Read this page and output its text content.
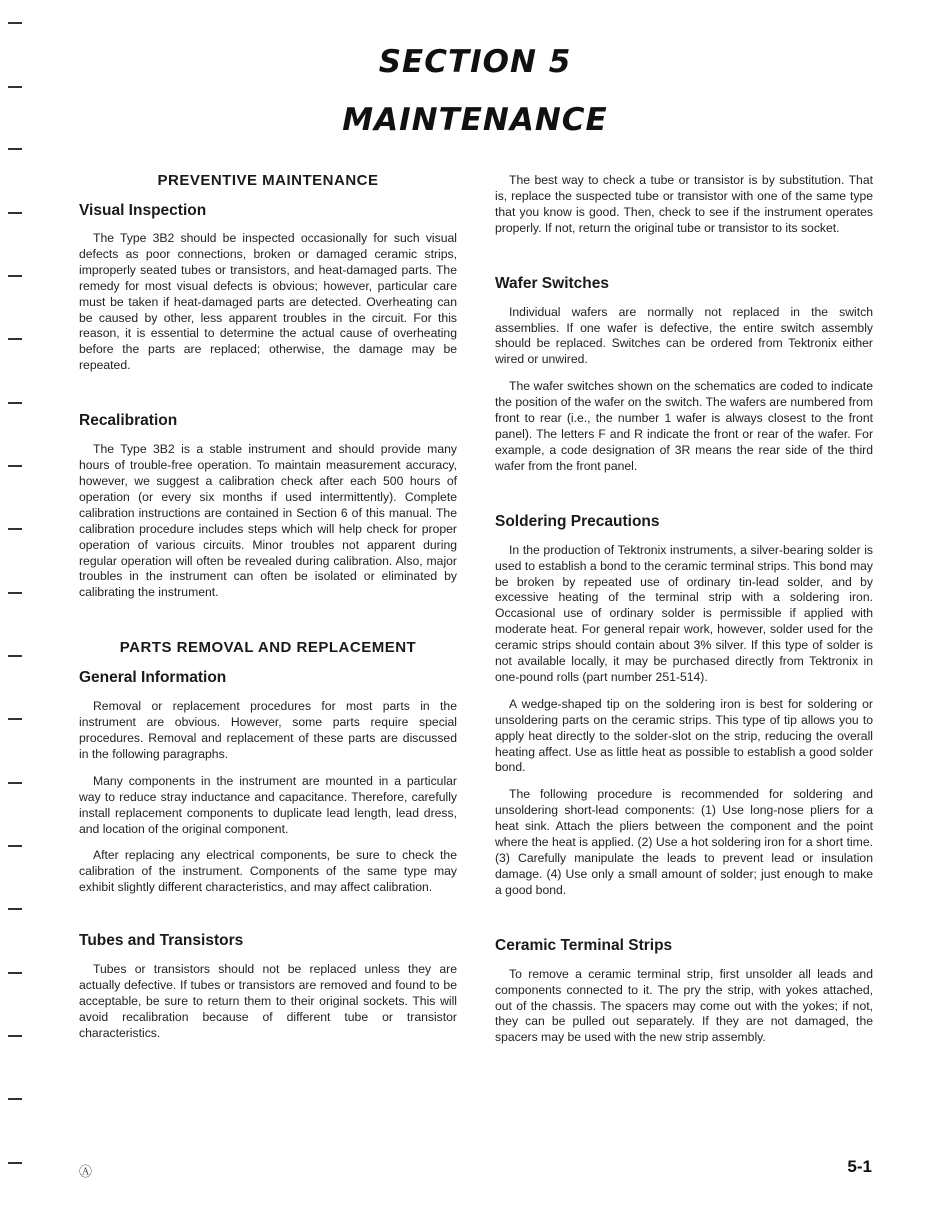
SECTION 5
MAINTENANCE
PREVENTIVE MAINTENANCE
Visual Inspection

The Type 3B2 should be inspected occasionally for such visual defects as poor connections, broken or damaged ceramic strips, improperly seated tubes or transistors, and heat-damaged parts. The remedy for most visual defects is obvious; however, particular care must be taken if heat-damaged parts are detected. Overheating can be caused by other, less apparent troubles in the circuit. For this reason, it is essential to determine the actual cause of overheating before the parts are replaced; otherwise, the damage may be repeated.

Recalibration

The Type 3B2 is a stable instrument and should provide many hours of trouble-free operation. To maintain measurement accuracy, however, we suggest a calibration check after each 500 hours of operation (or every six months if used intermittently). Complete calibration instructions are contained in Section 6 of this manual. The calibration procedure includes steps which will help check for proper operation of various circuits. Minor troubles not apparent during regular operation will often be revealed during calibration. Also, major troubles in the instrument can often be isolated or eliminated by calibrating the instrument.

PARTS REMOVAL AND REPLACEMENT
General Information

Removal or replacement procedures for most parts in the instrument are obvious. However, some parts require special procedures. Removal and replacement of these parts are discussed in the following paragraphs.

Many components in the instrument are mounted in a particular way to reduce stray inductance and capacitance. Therefore, carefully install replacement components to duplicate lead length, lead dress, and location of the original component.

After replacing any electrical components, be sure to check the calibration of the instrument. Components of the same type may exhibit slightly different characteristics, and may affect calibration.

Tubes and Transistors

Tubes or transistors should not be replaced unless they are actually defective. If tubes or transistors are removed and found to be acceptable, be sure to return them to their original sockets. This will avoid recalibration because of different tube or transistor characteristics.

The best way to check a tube or transistor is by substitution. That is, replace the suspected tube or transistor with one of the same type that you know is good. Then, check to see if the instrument operates properly. If not, return the original tube or transistor to its socket.

Wafer Switches

Individual wafers are normally not replaced in the switch assemblies. If one wafer is defective, the entire switch assembly should be replaced. Switches can be ordered from Tektronix either wired or unwired.

The wafer switches shown on the schematics are coded to indicate the position of the wafer on the switch. The wafers are numbered from front to rear (i.e., the number 1 wafer is always closest to the front panel). The letters F and R indicate the front or rear of the wafer. For example, a code designation of 3R means the rear side of the third wafer from the front panel.

Soldering Precautions

In the production of Tektronix instruments, a silver-bearing solder is used to establish a bond to the ceramic terminal strips. This bond may be broken by repeated use of ordinary tin-lead solder, and by excessive heating of the terminal strip with a soldering iron. Occasional use of ordinary solder is permissible if applied with moderate heat. For general repair work, however, solder used for the ceramic strips should contain about 3% silver. If this type of solder is not available locally, it may be purchased directly from Tektronix in one-pound rolls (part number 251-514).

A wedge-shaped tip on the soldering iron is best for soldering or unsoldering parts on the ceramic strips. This type of tip allows you to apply heat directly to the solder-slot on the strip, reducing the overall heating affect. Use as little heat as possible to establish a good solder bond.

The following procedure is recommended for soldering and unsoldering short-lead components: (1) Use long-nose pliers for a heat sink. Attach the pliers between the component and the point where the heat is applied. (2) Use a hot soldering iron for a short time. (3) Carefully manipulate the leads to prevent lead or insulation damage. (4) Use only a small amount of solder; just enough to make a good bond.

Ceramic Terminal Strips

To remove a ceramic terminal strip, first unsolder all leads and components connected to it. The pry the strip, with yokes attached, out of the chassis. The spacers may come out with the yokes; if not, they can be pulled out separately. If they are not damaged, the spacers may be used with the new strip assembly.

Ⓐ	5-1
